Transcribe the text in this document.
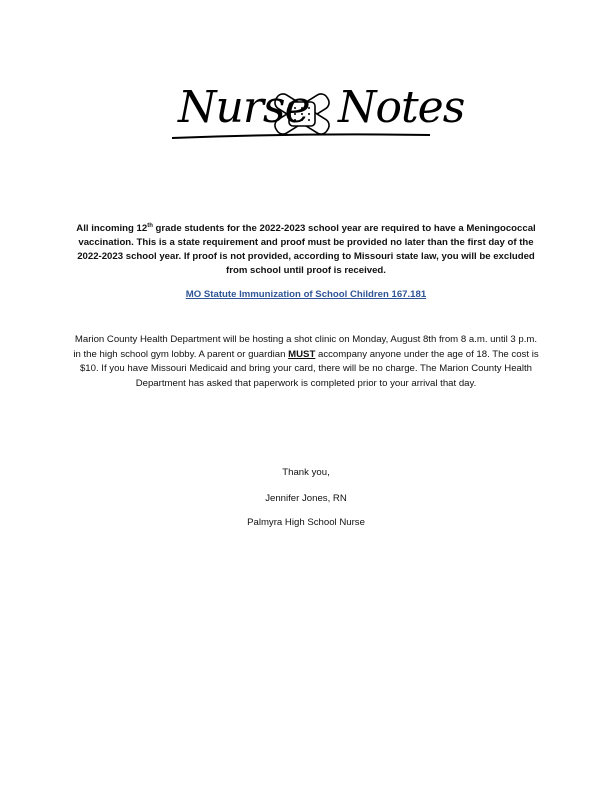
Nurse Notes
All incoming 12th grade students for the 2022-2023 school year are required to have a Meningococcal vaccination. This is a state requirement and proof must be provided no later than the first day of the 2022-2023 school year. If proof is not provided, according to Missouri state law, you will be excluded from school until proof is received.
MO Statute Immunization of School Children 167.181
Marion County Health Department will be hosting a shot clinic on Monday, August 8th from 8 a.m. until 3 p.m. in the high school gym lobby. A parent or guardian MUST accompany anyone under the age of 18. The cost is $10. If you have Missouri Medicaid and bring your card, there will be no charge. The Marion County Health Department has asked that paperwork is completed prior to your arrival that day.
Thank you,
Jennifer Jones, RN
Palmyra High School Nurse
